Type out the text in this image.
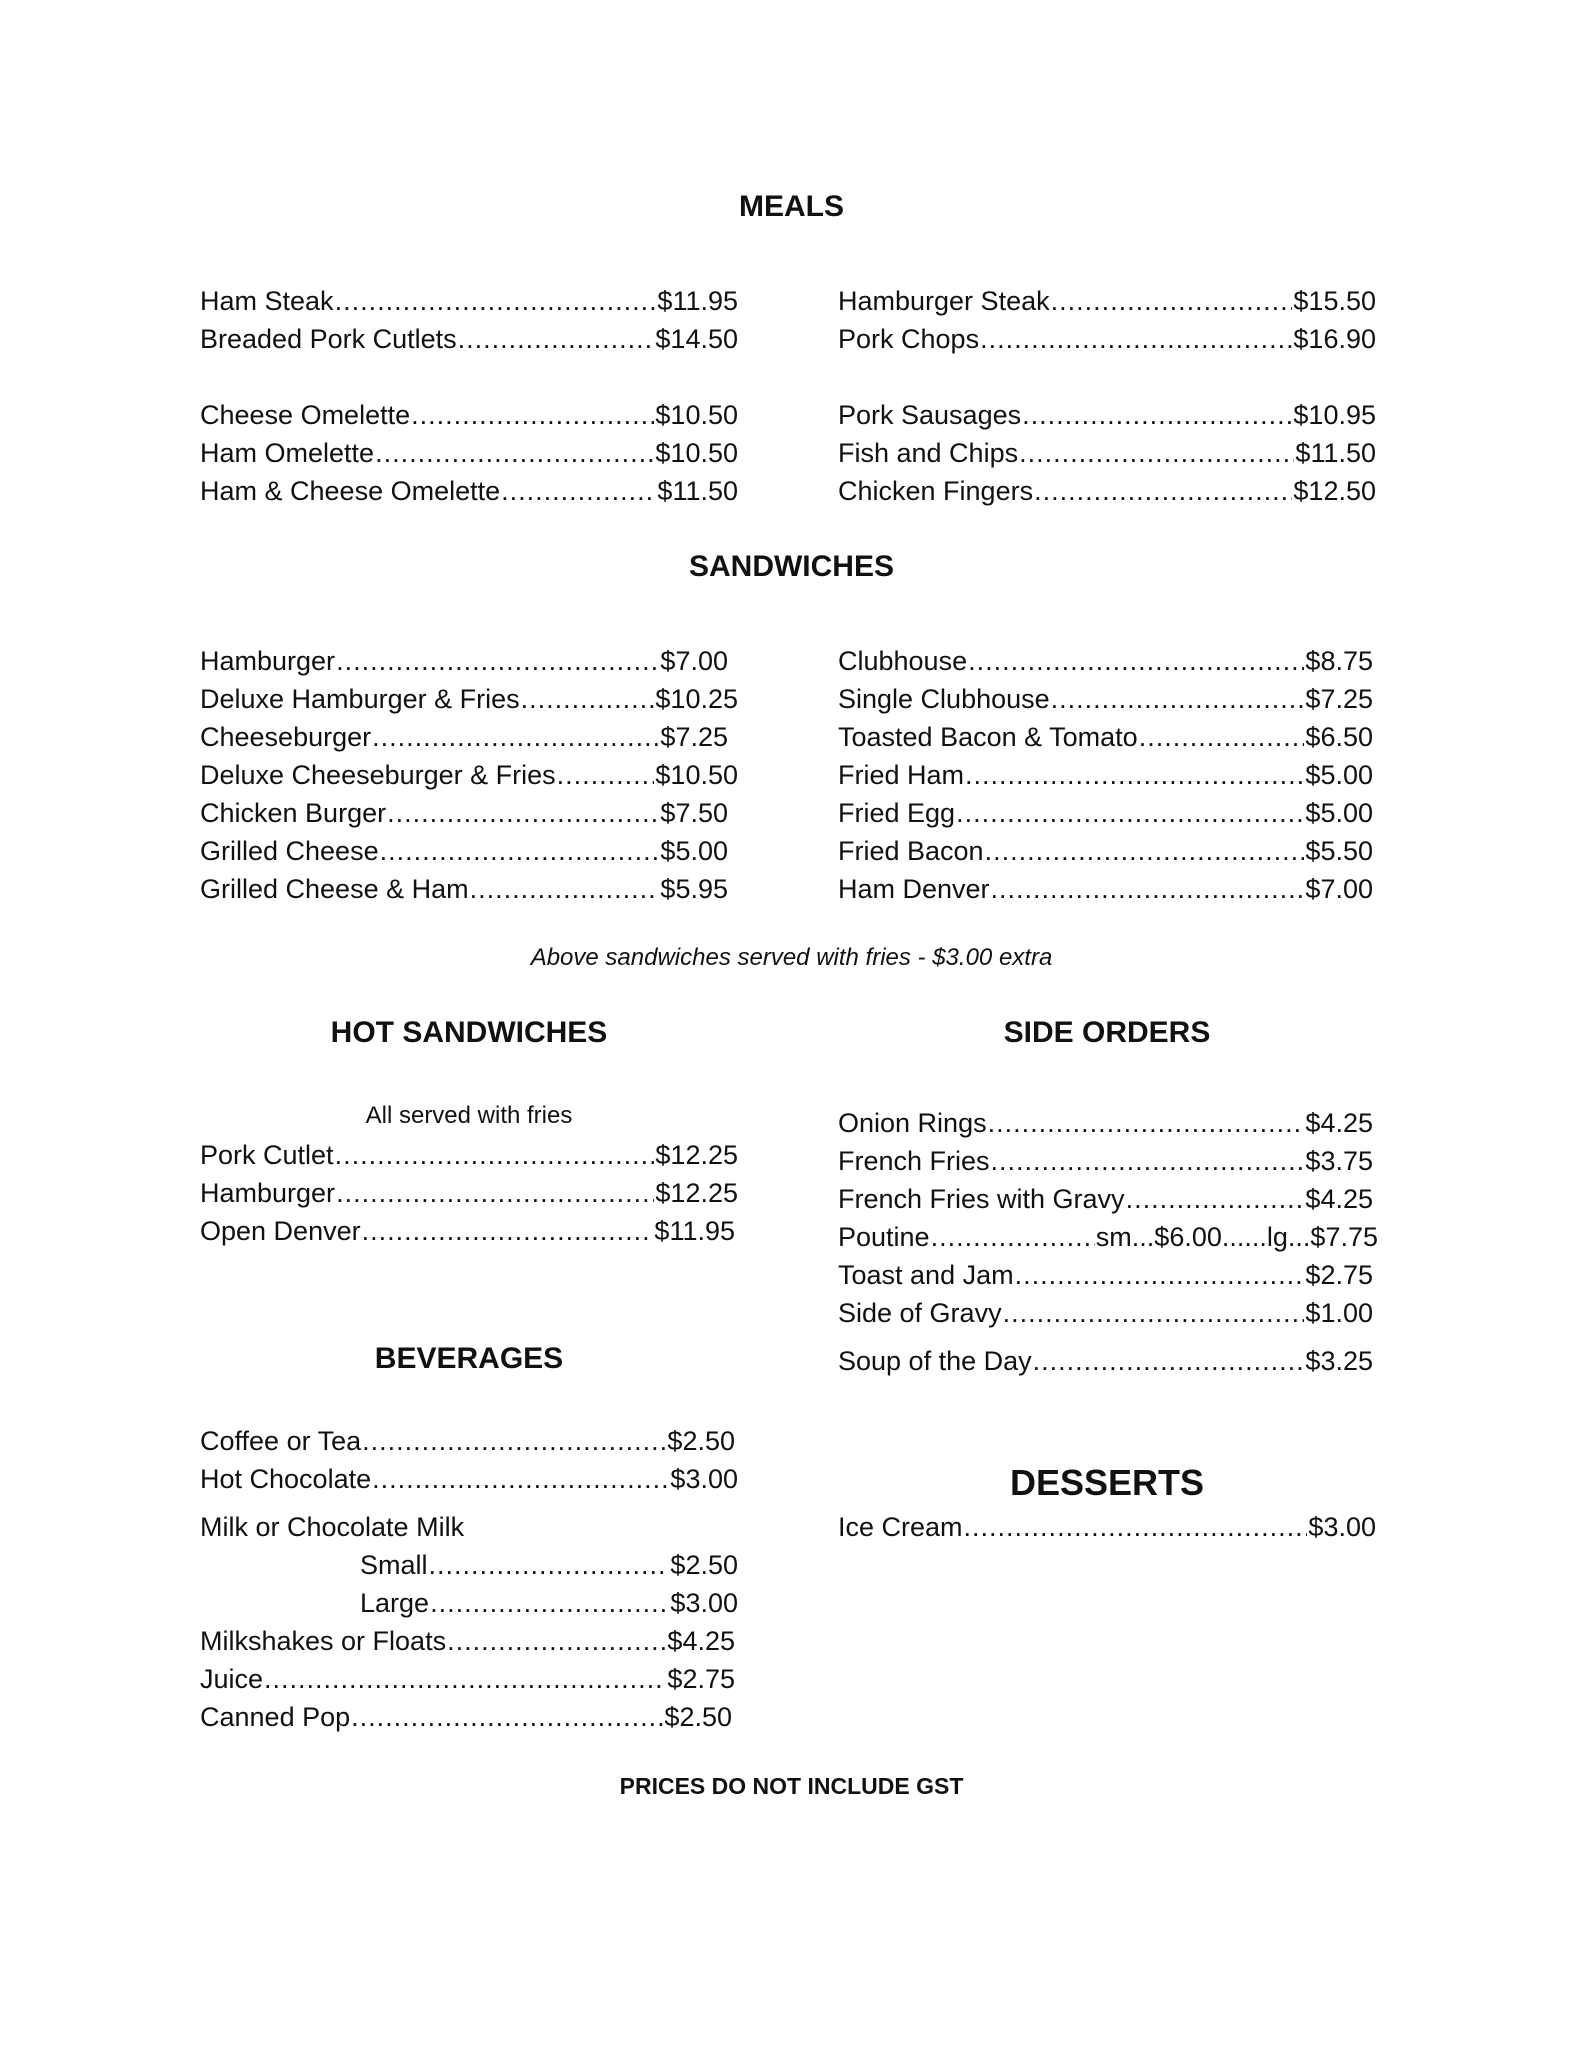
MEALS
Ham Steak .....	$11.95
Breaded Pork Cutlets .....	$14.50
Cheese Omelette .....	$10.50
Ham Omelette .....	$10.50
Ham & Cheese Omelette .....	$11.50
Hamburger Steak .....	$15.50
Pork Chops .....	$16.90
Pork Sausages .....	$10.95
Fish and Chips .....	$11.50
Chicken Fingers .....	$12.50
SANDWICHES
Hamburger .....	$7.00
Deluxe Hamburger & Fries .....	$10.25
Cheeseburger .....	$7.25
Deluxe Cheeseburger & Fries .....	$10.50
Chicken Burger .....	$7.50
Grilled Cheese .....	$5.00
Grilled Cheese & Ham .....	$5.95
Clubhouse .....	$8.75
Single Clubhouse .....	$7.25
Toasted Bacon & Tomato .....	$6.50
Fried Ham .....	$5.00
Fried Egg .....	$5.00
Fried Bacon .....	$5.50
Ham Denver .....	$7.00
Above sandwiches served with fries - $3.00 extra
HOT SANDWICHES
All served with fries
Pork Cutlet .....	$12.25
Hamburger .....	$12.25
Open Denver .....	$11.95
SIDE ORDERS
Onion Rings .....	$4.25
French Fries .....	$3.75
French Fries with Gravy .....	$4.25
Poutine .....	sm ... $6.00 ...... lg ... $7.75
Toast and Jam .....	$2.75
Side of Gravy .....	$1.00
Soup of the Day .....	$3.25
BEVERAGES
Coffee or Tea .....	$2.50
Hot Chocolate .....	$3.00
Milk or Chocolate Milk
Small .....	$2.50
Large .....	$3.00
Milkshakes or Floats .....	$4.25
Juice .....	$2.75
Canned Pop .....	$2.50
DESSERTS
Ice Cream .....	$3.00
PRICES DO NOT INCLUDE GST
